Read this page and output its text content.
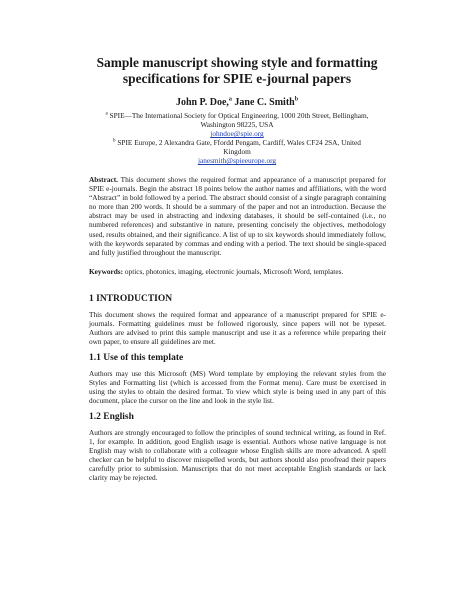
Sample manuscript showing style and formatting
specifications for SPIE e-journal papers
John P. Doe,$^a$ Jane C. Smith$^b$
$^a$ SPIE—The International Society for Optical Engineering, 1000 20th Street, Bellingham,
Washington 98225, USA
johndoe@spie.org
$^b$ SPIE Europe, 2 Alexandra Gate, Ffordd Pengam, Cardiff, Wales CF24 2SA, United
Kingdom
janesmith@spieeurope.org
Abstract. This document shows the required format and appearance of a manuscript prepared for SPIE e-journals. Begin the abstract 18 points below the author names and affiliations, with the word “Abstract” in bold followed by a period. The abstract should consist of a single paragraph containing no more than 200 words. It should be a summary of the paper and not an introduction. Because the abstract may be used in abstracting and indexing databases, it should be self-contained (i.e., no numbered references) and substantive in nature, presenting concisely the objectives, methodology used, results obtained, and their significance. A list of up to six keywords should immediately follow, with the keywords separated by commas and ending with a period. The text should be single-spaced and fully justified throughout the manuscript.
Keywords: optics, photonics, imaging, electronic journals, Microsoft Word, templates.
1 INTRODUCTION
This document shows the required format and appearance of a manuscript prepared for SPIE e-journals. Formatting guidelines must be followed rigorously, since papers will not be typeset. Authors are advised to print this sample manuscript and use it as a reference while preparing their own paper, to ensure all guidelines are met.
1.1 Use of this template
Authors may use this Microsoft (MS) Word template by employing the relevant styles from the Styles and Formatting list (which is accessed from the Format menu). Care must be exercised in using the styles to obtain the desired format. To view which style is being used in any part of this document, place the cursor on the line and look in the style list.
1.2 English
Authors are strongly encouraged to follow the principles of sound technical writing, as found in Ref. 1, for example. In addition, good English usage is essential. Authors whose native language is not English may wish to collaborate with a colleague whose English skills are more advanced. A spell checker can be helpful to discover misspelled words, but authors should also proofread their papers carefully prior to submission. Manuscripts that do not meet acceptable English standards or lack clarity may be rejected.
